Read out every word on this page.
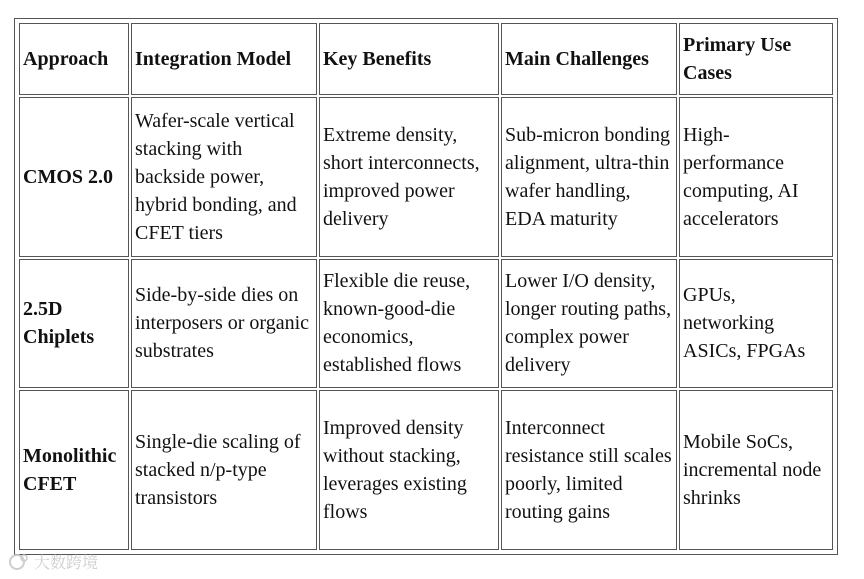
Approach	Integration Model	Key Benefits	Main Challenges	Primary Use Cases
CMOS 2.0	Wafer-scale vertical stacking with backside power, hybrid bonding, and CFET tiers	Extreme density, short interconnects, improved power delivery	Sub-micron bonding alignment, ultra-thin wafer handling, EDA maturity	High-performance computing, AI accelerators
2.5D Chiplets	Side-by-side dies on interposers or organic substrates	Flexible die reuse, known-good-die economics, established flows	Lower I/O density, longer routing paths, complex power delivery	GPUs, networking ASICs, FPGAs
Monolithic CFET	Single-die scaling of stacked n/p-type transistors	Improved density without stacking, leverages existing flows	Interconnect resistance still scales poorly, limited routing gains	Mobile SoCs, incremental node shrinks
大数跨境
